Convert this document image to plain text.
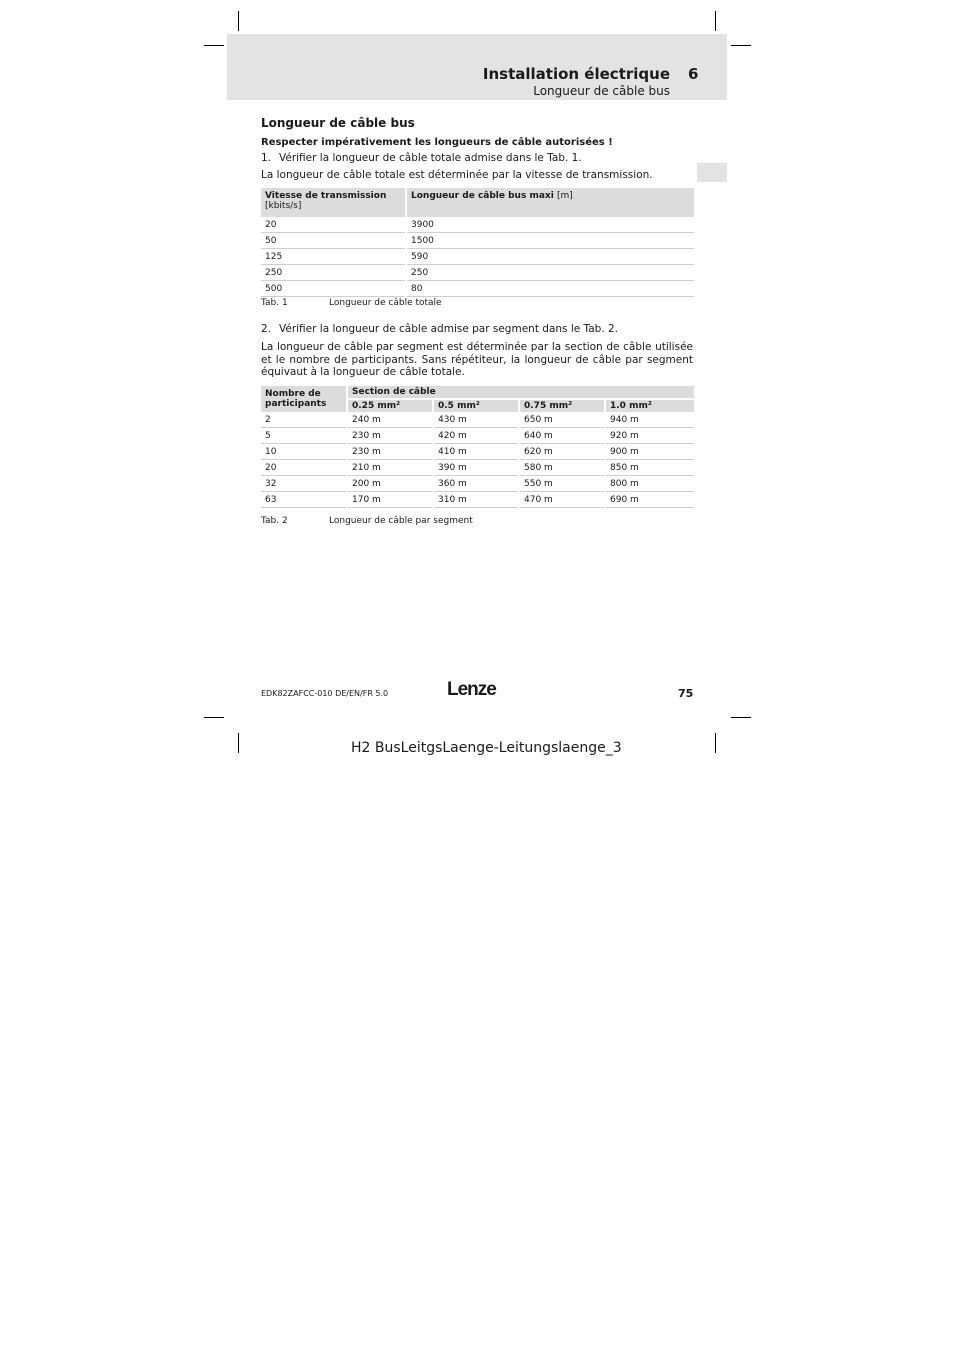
Installation électrique 6
Longueur de câble bus
Longueur de câble bus
Respecter impérativement les longueurs de câble autorisées !
1. Vérifier la longueur de câble totale admise dans le Tab. 1.
La longueur de câble totale est déterminée par la vitesse de transmission.
Vitesse de transmission
[kbits/s]	Longueur de câble bus maxi [m]
20	3900
50	1500
125	590
250	250
500	80
Tab. 1	Longueur de câble totale
2. Vérifier la longueur de câble admise par segment dans le Tab. 2.
La longueur de câble par segment est déterminée par la section de câble utilisée et le nombre de participants. Sans répétiteur, la longueur de câble par segment équivaut à la longueur de câble totale.
Nombre de participants	Section de câble			
	0.25 mm²	0.5 mm²	0.75 mm²	1.0 mm²
2	240 m	430 m	650 m	940 m
5	230 m	420 m	640 m	920 m
10	230 m	410 m	620 m	900 m
20	210 m	390 m	580 m	850 m
32	200 m	360 m	550 m	800 m
63	170 m	310 m	470 m	690 m
Tab. 2	Longueur de câble par segment
EDK82ZAFCC-010 DE/EN/FR 5.0	Lenze	75
H2 BusLeitgsLaenge-Leitungslaenge_3
